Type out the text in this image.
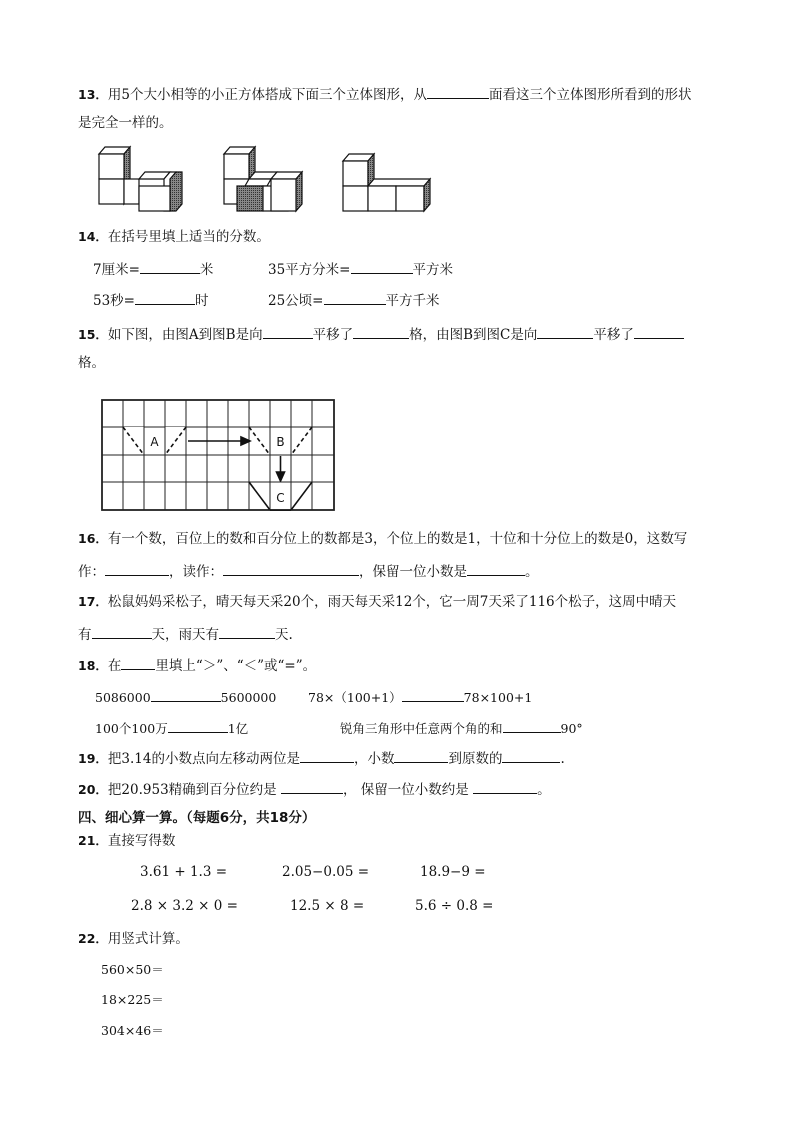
13．用5个大小相等的小正方体搭成下面三个立体图形，从	面看这三个立体图形所看到的形状
是完全一样的。
14．在括号里填上适当的分数。
7厘米=	米	35平方分米=	平方米
53秒=	时	25公顷=	平方千米
15．如下图，由图A到图B是向	平移了	格，由图B到图C是向	平移了
格。
A	B
C
16．有一个数，百位上的数和百分位上的数都是3，个位上的数是1，十位和十分位上的数是0，这数写
作：	，读作：	，保留一位小数是	。
17．松鼠妈妈采松子，晴天每天采20个，雨天每天采12个，它一周7天采了116个松子，这周中晴天
有	天，雨天有	天.
18．在	里填上“＞”、“＜”或“=”。
5086000	5600000	78×（100+1）	78×100+1
100个100万	1亿	锐角三角形中任意两个角的和	90°
19．把3.14的小数点向左移动两位是	，小数	到原数的	.
20．把20.953精确到百分位约是	， 保留一位小数约是	。
四、细心算一算。（每题6分，共18分）
21．直接写得数
3.61 + 1.3 =	2.05−0.05 =	18.9−9 =
2.8 × 3.2 × 0 =	12.5 × 8 =	5.6 ÷ 0.8 =
22．用竖式计算。
560×50＝
18×225＝
304×46＝
